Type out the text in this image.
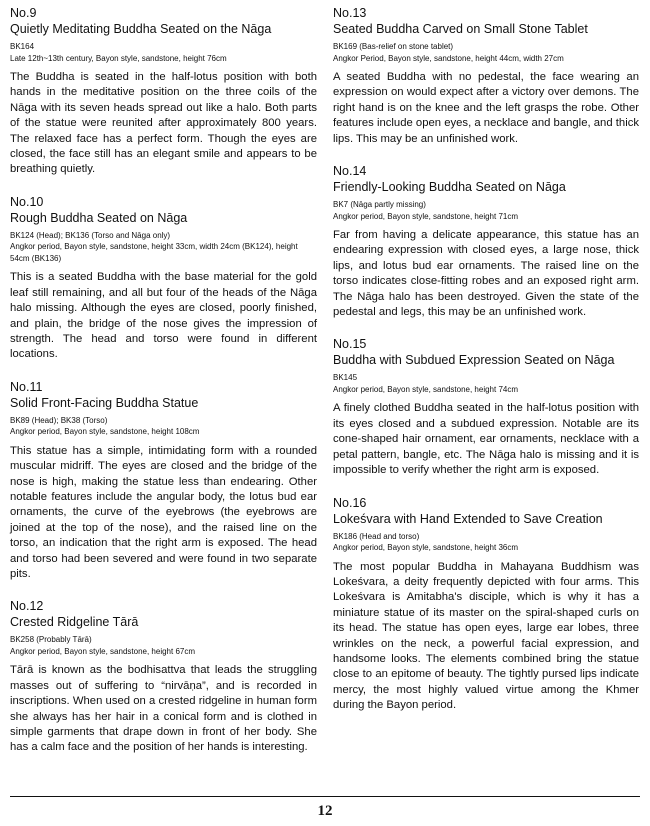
No.9
Quietly Meditating Buddha Seated on the Nāga
BK164
Late 12th~13th century, Bayon style, sandstone, height 76cm
The Buddha is seated in the half-lotus position with both hands in the meditative position on the three coils of the Nāga with its seven heads spread out like a halo. Both parts of the statue were reunited after approximately 800 years. The relaxed face has a perfect form. Though the eyes are closed, the face still has an elegant smile and appears to be breathing quietly.
No.10
Rough Buddha Seated on Nāga
BK124 (Head); BK136 (Torso and Nāga only)
Angkor period, Bayon style, sandstone, height 33cm, width 24cm (BK124), height 54cm (BK136)
This is a seated Buddha with the base material for the gold leaf still remaining, and all but four of the heads of the Nāga halo missing. Although the eyes are closed, poorly finished, and plain, the bridge of the nose gives the impression of strength. The head and torso were found in different locations.
No.11
Solid Front-Facing Buddha Statue
BK89 (Head); BK38 (Torso)
Angkor period, Bayon style, sandstone, height 108cm
This statue has a simple, intimidating form with a rounded muscular midriff. The eyes are closed and the bridge of the nose is high, making the statue less than endearing. Other notable features include the angular body, the lotus bud ear ornaments, the curve of the eyebrows (the eyebrows are joined at the top of the nose), and the raised line on the torso, an indication that the right arm is exposed. The head and torso had been severed and were found in two separate pits.
No.12
Crested Ridgeline Tārā
BK258 (Probably Tārā)
Angkor period, Bayon style, sandstone, height 67cm
Tārā is known as the bodhisattva that leads the struggling masses out of suffering to “nirvāṇa”, and is recorded in inscriptions. When used on a crested ridgeline in human form she always has her hair in a conical form and is clothed in simple garments that drape down in front of her body. She has a calm face and the position of her hands is interesting.
No.13
Seated Buddha Carved on Small Stone Tablet
BK169 (Bas-relief on stone tablet)
Angkor Period, Bayon style, sandstone, height 44cm, width 27cm
A seated Buddha with no pedestal, the face wearing an expression on would expect after a victory over demons. The right hand is on the knee and the left grasps the robe. Other features include open eyes, a necklace and bangle, and thick lips. This may be an unfinished work.
No.14
Friendly-Looking Buddha Seated on Nāga
BK7 (Nāga partly missing)
Angkor period, Bayon style, sandstone, height 71cm
Far from having a delicate appearance, this statue has an endearing expression with closed eyes, a large nose, thick lips, and lotus bud ear ornaments. The raised line on the torso indicates close-fitting robes and an exposed right arm. The Nāga halo has been destroyed. Given the state of the pedestal and legs, this may be an unfinished work.
No.15
Buddha with Subdued Expression Seated on Nāga
BK145
Angkor period, Bayon style, sandstone, height 74cm
A finely clothed Buddha seated in the half-lotus position with its eyes closed and a subdued expression. Notable are its cone-shaped hair ornament, ear ornaments, necklace with a petal pattern, bangle, etc. The Nāga halo is missing and it is impossible to verify whether the right arm is exposed.
No.16
Lokeśvara with Hand Extended to Save Creation
BK186 (Head and torso)
Angkor period, Bayon style, sandstone, height 36cm
The most popular Buddha in Mahayana Buddhism was Lokeśvara, a deity frequently depicted with four arms. This Lokeśvara is Amitabha's disciple, which is why it has a miniature statue of its master on the spiral-shaped curls on its head. The statue has open eyes, large ear lobes, three wrinkles on the neck, a powerful facial expression, and handsome looks. The elements combined bring the statue close to an epitome of beauty. The tightly pursed lips indicate mercy, the most highly valued virtue among the Khmer during the Bayon period.
12
